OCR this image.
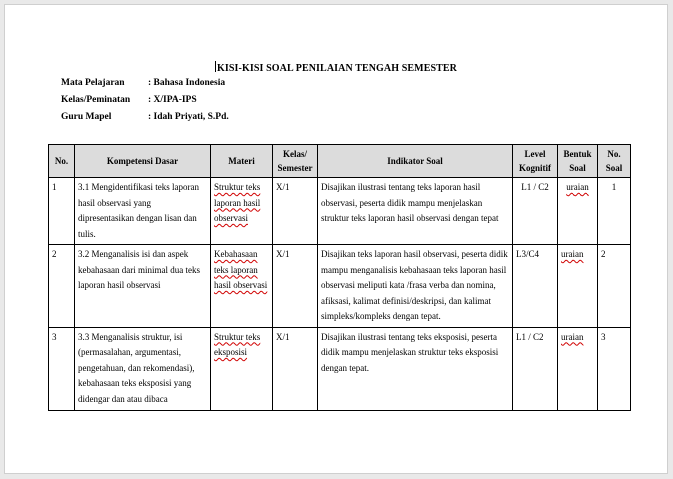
KISI-KISI SOAL PENILAIAN TENGAH SEMESTER
Mata Pelajaran	: Bahasa Indonesia
Kelas/Peminatan	: X/IPA-IPS
Guru Mapel	: Idah Priyati, S.Pd.
No.	Kompetensi Dasar	Materi	Kelas/ Semester	Indikator Soal	Level Kognitif	Bentuk Soal	No. Soal
1	3.1 Mengidentifikasi teks laporan hasil observasi yang dipresentasikan dengan lisan dan tulis.	Struktur teks laporan hasil observasi	X/1	Disajikan ilustrasi tentang teks laporan hasil observasi, peserta didik mampu menjelaskan struktur teks laporan hasil observasi dengan tepat	L1 / C2	uraian	1
2	3.2 Menganalisis isi dan aspek kebahasaan dari minimal dua teks laporan hasil observasi	Kebahasaan teks laporan hasil observasi	X/1	Disajikan teks laporan hasil observasi, peserta didik mampu menganalisis kebahasaan teks laporan hasil observasi meliputi kata /frasa verba dan nomina, afiksasi, kalimat definisi/deskripsi, dan kalimat simpleks/kompleks dengan tepat.	L3/C4	uraian	2
3	3.3 Menganalisis struktur, isi (permasalahan, argumentasi, pengetahuan, dan rekomendasi), kebahasaan teks eksposisi yang didengar dan atau dibaca	Struktur teks eksposisi	X/1	Disajikan ilustrasi tentang teks eksposisi, peserta didik mampu menjelaskan struktur teks eksposisi dengan tepat.	L1 / C2	uraian	3
